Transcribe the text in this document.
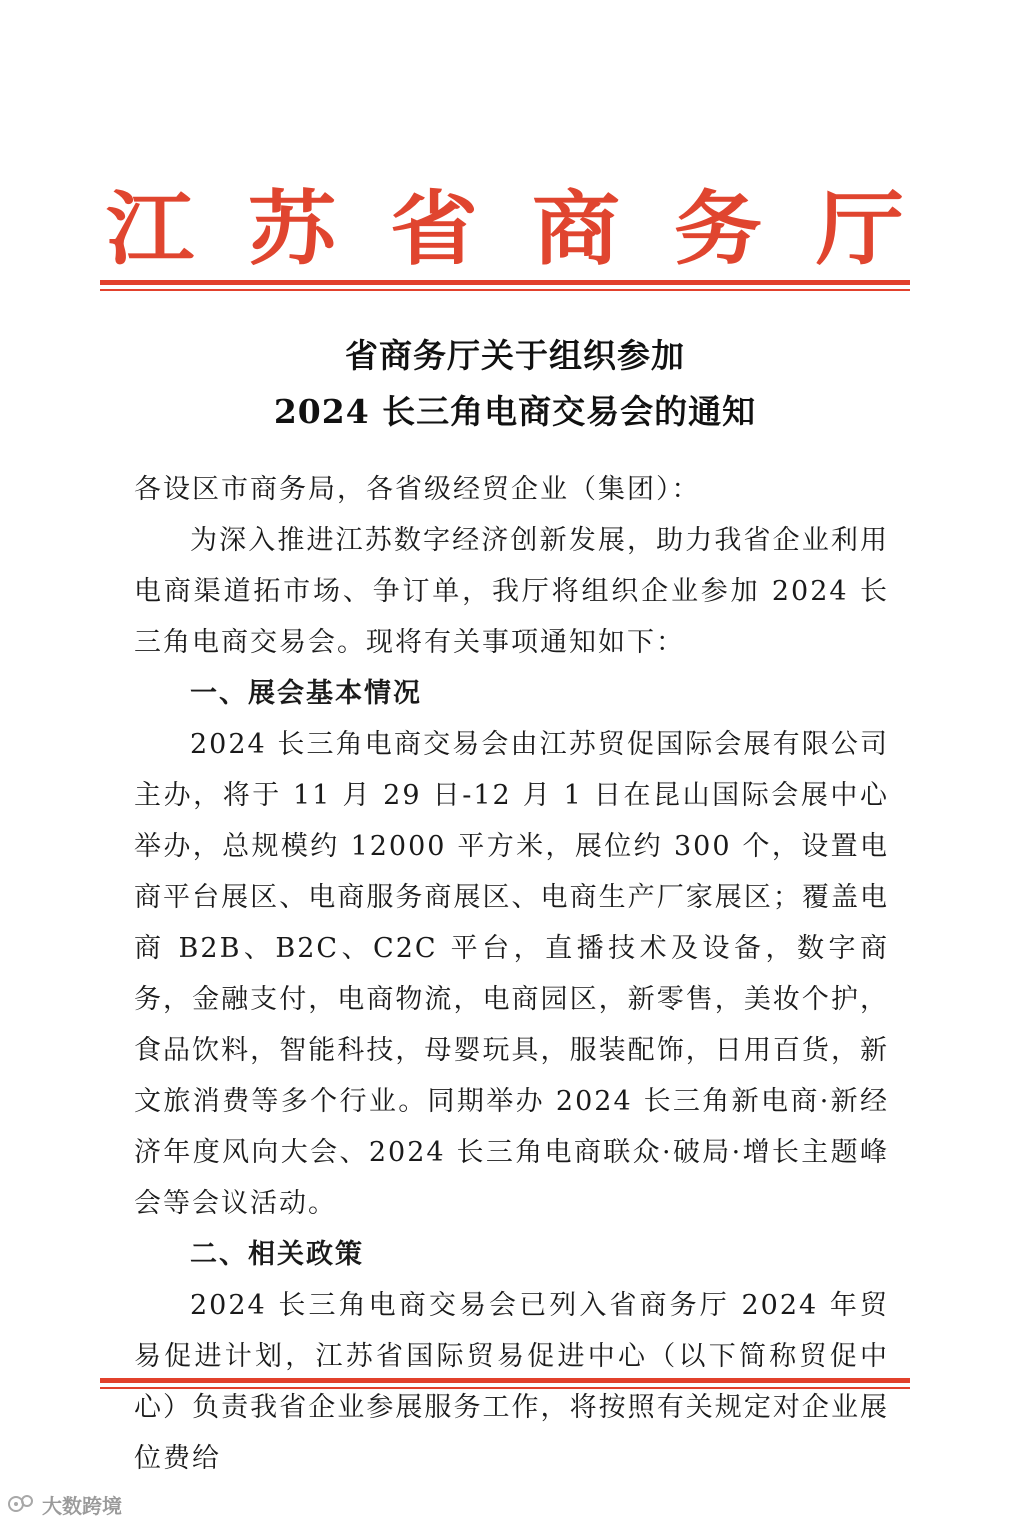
江 苏 省 商 务 厅
省商务厅关于组织参加
2024 长三角电商交易会的通知

各设区市商务局，各省级经贸企业（集团）：

为深入推进江苏数字经济创新发展，助力我省企业利用电商渠道拓市场、争订单，我厅将组织企业参加 2024 长三角电商交易会。现将有关事项通知如下：

一、展会基本情况

2024 长三角电商交易会由江苏贸促国际会展有限公司主办，将于 11 月 29 日-12 月 1 日在昆山国际会展中心举办，总规模约 12000 平方米，展位约 300 个，设置电商平台展区、电商服务商展区、电商生产厂家展区；覆盖电商 B2B、B2C、C2C 平台，直播技术及设备，数字商务，金融支付，电商物流，电商园区，新零售，美妆个护，食品饮料，智能科技，母婴玩具，服装配饰，日用百货，新文旅消费等多个行业。同期举办 2024 长三角新电商·新经济年度风向大会、2024 长三角电商联众·破局·增长主题峰会等会议活动。

二、相关政策

2024 长三角电商交易会已列入省商务厅 2024 年贸易促进计划，江苏省国际贸易促进中心（以下简称贸促中心）负责我省企业参展服务工作，将按照有关规定对企业展位费给

大数跨境
